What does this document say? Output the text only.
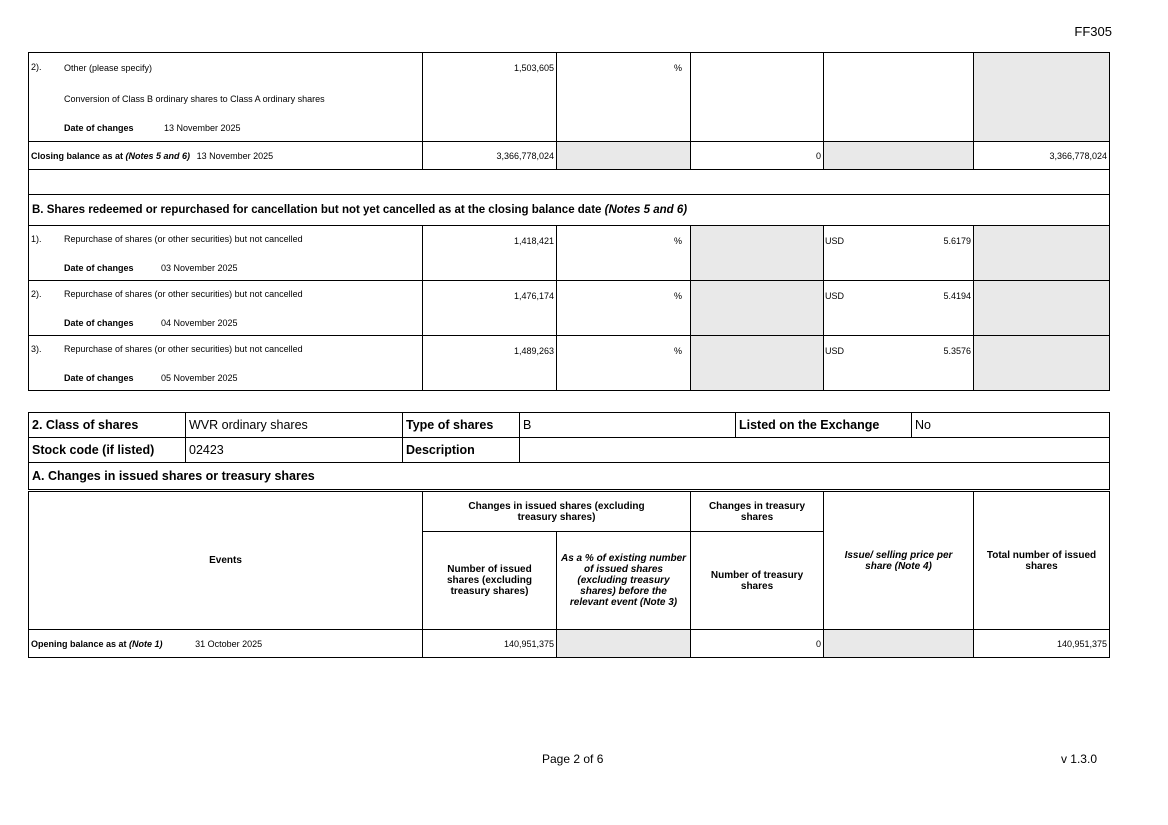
FF305
2). Other (please specify)
Conversion of Class B ordinary shares to Class A ordinary shares
Date of changes 13 November 2025	1,503,605	%			

Closing balance as at (Notes 5 and 6) 13 November 2025	3,366,778,024		0		3,366,778,024

B. Shares redeemed or repurchased for cancellation but not yet cancelled as at the closing balance date (Notes 5 and 6)					

1). Repurchase of shares (or other securities) but not cancelled
Date of changes 03 November 2025	1,418,421	%		USD 5.6179	

2). Repurchase of shares (or other securities) but not cancelled
Date of changes 04 November 2025	1,476,174	%		USD 5.4194	

3). Repurchase of shares (or other securities) but not cancelled
Date of changes 05 November 2025	1,489,263	%		USD 5.3576	

2. Class of shares	WVR ordinary shares	Type of shares	B	Listed on the Exchange	No
Stock code (if listed)	02423	Description			
A. Changes in issued shares or treasury shares					
Events	Changes in issued shares (excluding treasury shares)		Changes in treasury shares	Issue/ selling price per share (Note 4)	Total number of issued shares
	Number of issued shares (excluding treasury shares)	As a % of existing number of issued shares (excluding treasury shares) before the relevant event (Note 3)	Number of treasury shares		
Opening balance as at (Note 1) 31 October 2025	140,951,375		0		140,951,375
Page 2 of 6	v 1.3.0
